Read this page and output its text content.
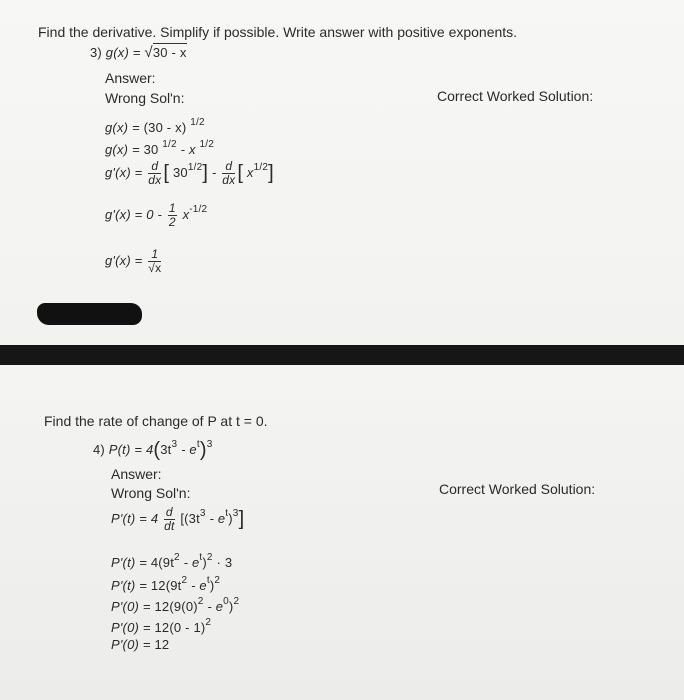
Find the derivative. Simplify if possible. Write answer with positive exponents.
3) g(x) = √30 - x
Answer:
Wrong Sol'n:	Correct Worked Solution:
g(x) = (30 - x) $^{1/2}$
g(x) = 30 $^{1/2}$ - x $^{1/2}$
$g'(x) = \frac{d}{dx}$ [ $30^{1/2}] - \frac{d}{dx}$ [ $x^{1/2}$]
$g'(x) = 0 - \frac{1}{2} x^{-1/2}$
$g'(x) = \frac{1}{√x}$
Find the rate of change of P at t = 0.
4) $P(t) = 4(3t^3 - e^t)^3$
Answer:
Wrong Sol'n:	Correct Worked Solution:
$P'(t) = 4 \frac{d}{dt} [(3t^3 - e^t)^3]$
$P'(t) = 4(9t^2 - e^t)^2 \cdot 3$
$P'(t) = 12(9t^2 - e^t)^2$
$P'(0) = 12(9(0)^2 - e^0)^2$
P'(0) = 12(0 - 1)$^2$
P'(0) = 12
